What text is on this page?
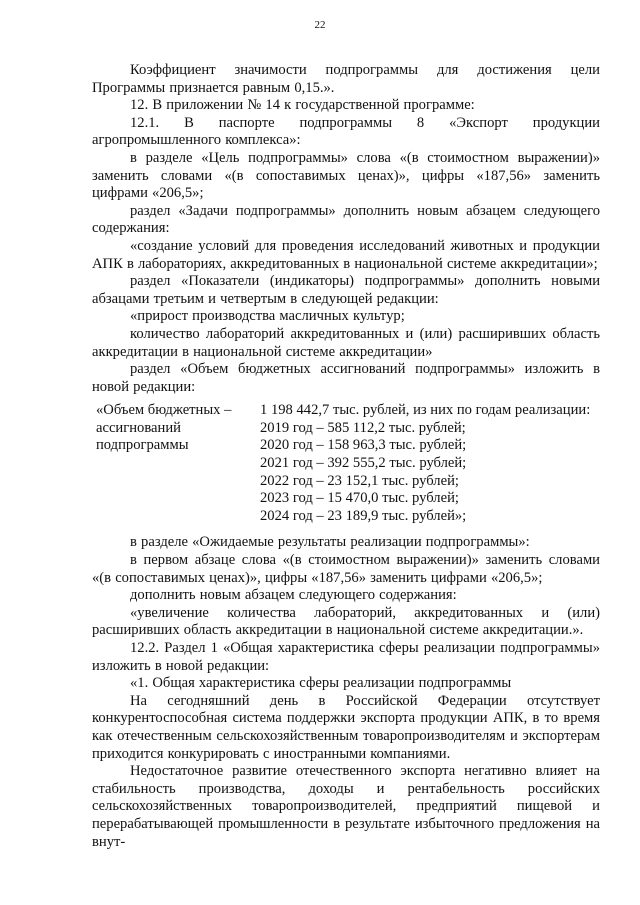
22

Коэффициент значимости подпрограммы для достижения цели Программы признается равным 0,15.».

12. В приложении № 14 к государственной программе:

12.1. В паспорте подпрограммы 8 «Экспорт продукции агропромышленного комплекса»:

в разделе «Цель подпрограммы» слова «(в стоимостном выражении)» заменить словами «(в сопоставимых ценах)», цифры «187,56» заменить цифрами «206,5»;

раздел «Задачи подпрограммы» дополнить новым абзацем следующего содержания:

«создание условий для проведения исследований животных и продукции АПК в лабораториях, аккредитованных в национальной системе аккредитации»;

раздел «Показатели (индикаторы) подпрограммы» дополнить новыми абзацами третьим и четвертым в следующей редакции:

«прирост производства масличных культур;

количество лабораторий аккредитованных и (или) расширивших область аккредитации в национальной системе аккредитации»

раздел «Объем бюджетных ассигнований подпрограммы» изложить в новой редакции:

«Объем бюджетных –
ассигнований
подпрограммы
1 198 442,7 тыс. рублей, из них по годам реализации:
2019 год – 585 112,2 тыс. рублей;
2020 год – 158 963,3 тыс. рублей;
2021 год – 392 555,2 тыс. рублей;
2022 год – 23 152,1 тыс. рублей;
2023 год – 15 470,0 тыс. рублей;
2024 год – 23 189,9 тыс. рублей»;

в разделе «Ожидаемые результаты реализации подпрограммы»:

в первом абзаце слова «(в стоимостном выражении)» заменить словами «(в сопоставимых ценах)», цифры «187,56» заменить цифрами «206,5»;

дополнить новым абзацем следующего содержания:

«увеличение количества лабораторий, аккредитованных и (или) расширивших область аккредитации в национальной системе аккредитации.».

12.2. Раздел 1 «Общая характеристика сферы реализации подпрограммы» изложить в новой редакции:

«1. Общая характеристика сферы реализации подпрограммы

На сегодняшний день в Российской Федерации отсутствует конкурентоспособная система поддержки экспорта продукции АПК, в то время как отечественным сельскохозяйственным товаропроизводителям и экспортерам приходится конкурировать с иностранными компаниями.

Недостаточное развитие отечественного экспорта негативно влияет на стабильность производства, доходы и рентабельность российских сельскохозяйственных товаропроизводителей, предприятий пищевой и перерабатывающей промышленности в результате избыточного предложения на внут-
